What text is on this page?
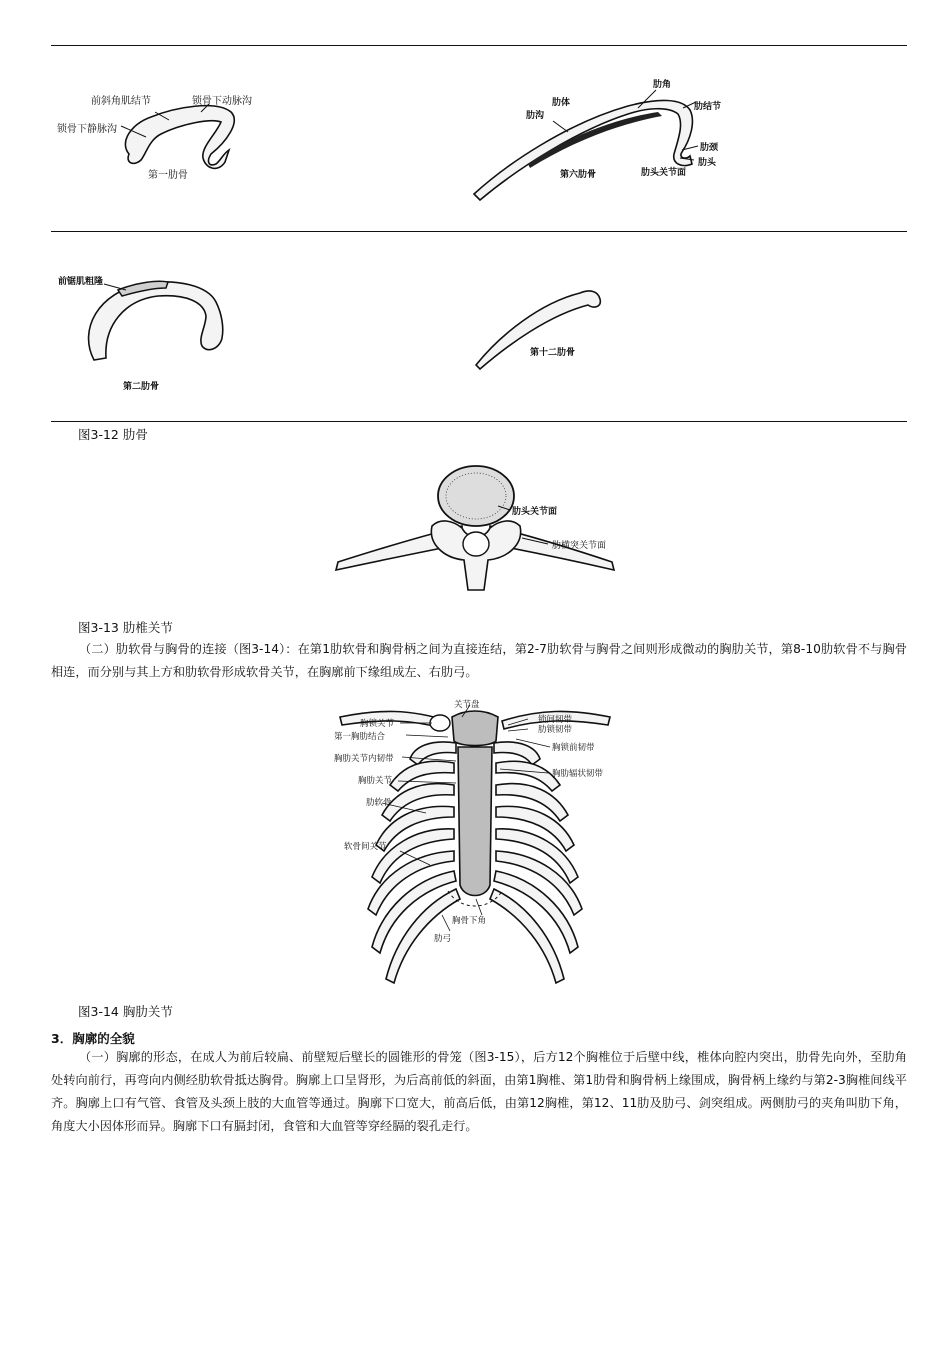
前斜角肌结节	锁骨下动脉沟
锁骨下静脉沟
第一肋骨
肋角
肋体
肋沟
肋结节
肋颈
肋头
肋头关节面
第六肋骨
前锯肌粗隆
第二肋骨
第十二肋骨
图3-12 肋骨
肋头关节面
肋横突关节面
图3-13 肋椎关节
（二）肋软骨与胸骨的连接（图3-14）：在第1肋软骨和胸骨柄之间为直接连结，第2-7肋软骨与胸骨之间则形成微动的胸肋关节，第8-10肋软骨不与胸骨相连，而分别与其上方和肋软骨形成软骨关节，在胸廓前下缘组成左、右肋弓。
关节盘
胸锁关节
第一胸肋结合
锁间韧带
肋锁韧带
胸锁前韧带
胸肋关节内韧带
胸肋辐状韧带
胸肋关节
肋软骨
软骨间关节
胸骨下角
肋弓
图3-14 胸肋关节
3．胸廓的全貌
（一）胸廓的形态，在成人为前后较扁、前壁短后壁长的圆锥形的骨笼（图3-15），后方12个胸椎位于后壁中线，椎体向腔内突出，肋骨先向外，至肋角处转向前行，再弯向内侧经肋软骨抵达胸骨。胸廓上口呈肾形，为后高前低的斜面，由第1胸椎、第1肋骨和胸骨柄上缘围成，胸骨柄上缘约与第2-3胸椎间线平齐。胸廓上口有气管、食管及头颈上肢的大血管等通过。胸廓下口宽大，前高后低，由第12胸椎，第12、11肋及肋弓、剑突组成。两侧肋弓的夹角叫肋下角，角度大小因体形而异。胸廓下口有膈封闭，食管和大血管等穿经膈的裂孔走行。
